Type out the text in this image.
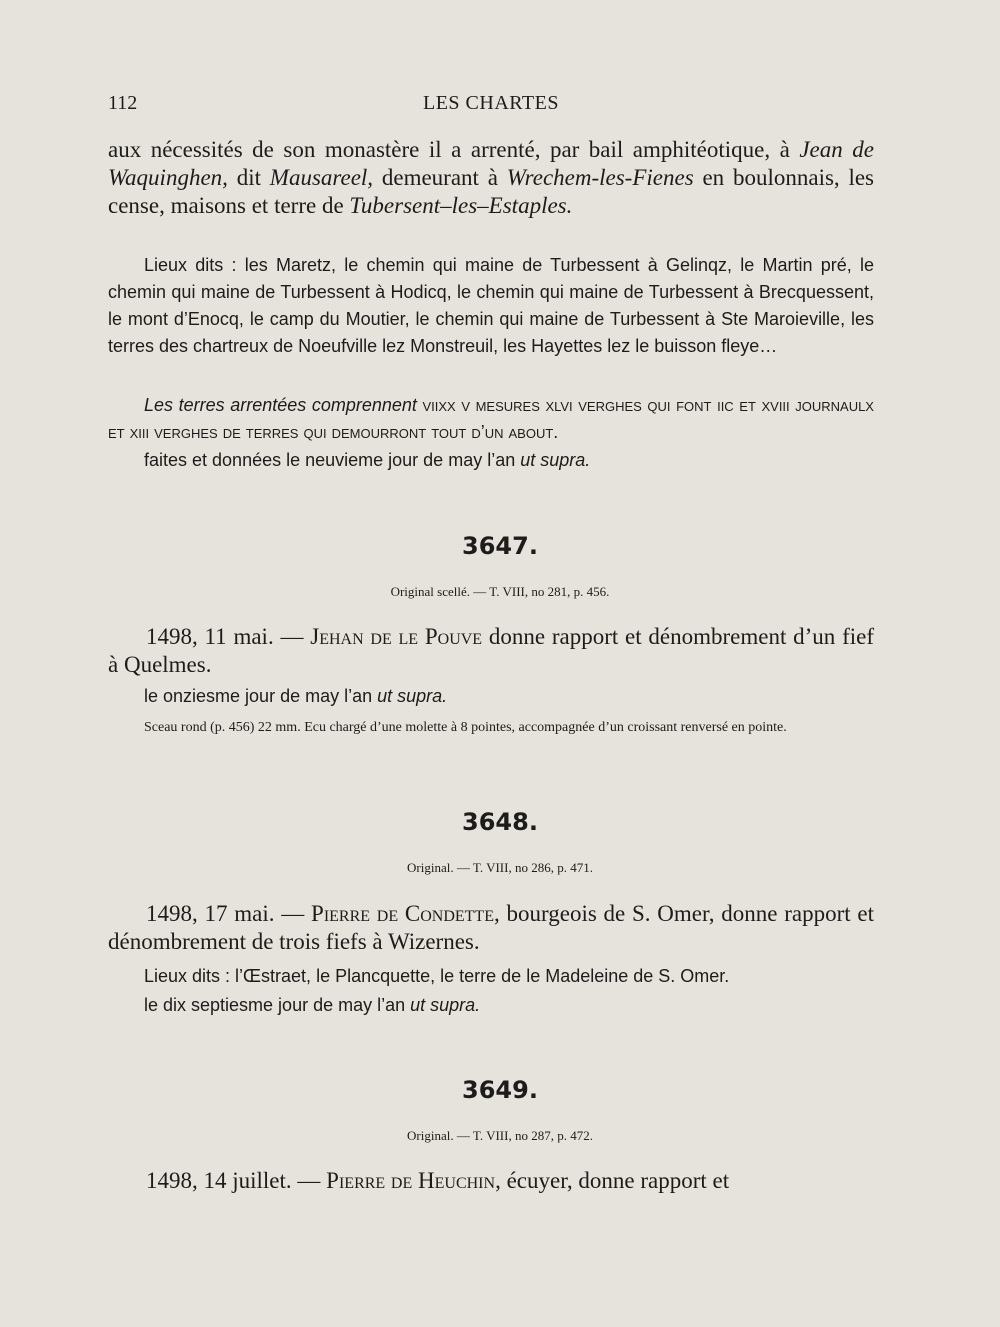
112	LES CHARTES
aux nécessités de son monastère il a arrenté, par bail amphitéotique, à Jean de Waquinghen, dit Mausareel, demeurant à Wrechem-les-Fienes en boulonnais, les cense, maisons et terre de Tubersent–les–Estaples.
Lieux dits : les Maretz, le chemin qui maine de Turbessent à Gelinqz, le Martin pré, le chemin qui maine de Turbessent à Hodicq, le chemin qui maine de Turbessent à Brecquessent, le mont d’Enocq, le camp du Moutier, le chemin qui maine de Turbessent à Ste Maroieville, les terres des chartreux de Noeufville lez Monstreuil, les Hayettes lez le buisson fleye…
Les terres arrentées comprennent viixx v mesures xlvi verghes qui font iic et xviii journaulx et xiii verghes de terres qui demourront tout d’un about.
faites et données le neuvieme jour de may l’an ut supra.
3647.
Original scellé. — T. VIII, no 281, p. 456.
1498, 11 mai. — Jehan de le Pouve donne rapport et dénombrement d’un fief à Quelmes.
le onziesme jour de may l’an ut supra.
Sceau rond (p. 456) 22 mm. Ecu chargé d’une molette à 8 pointes, accompagnée d’un croissant renversé en pointe.
3648.
Original. — T. VIII, no 286, p. 471.
1498, 17 mai. — Pierre de Condette, bourgeois de S. Omer, donne rapport et dénombrement de trois fiefs à Wizernes.
Lieux dits : l’Œstraet, le Plancquette, le terre de le Madeleine de S. Omer.
le dix septiesme jour de may l’an ut supra.
3649.
Original. — T. VIII, no 287, p. 472.
1498, 14 juillet. — Pierre de Heuchin, écuyer, donne rapport et
